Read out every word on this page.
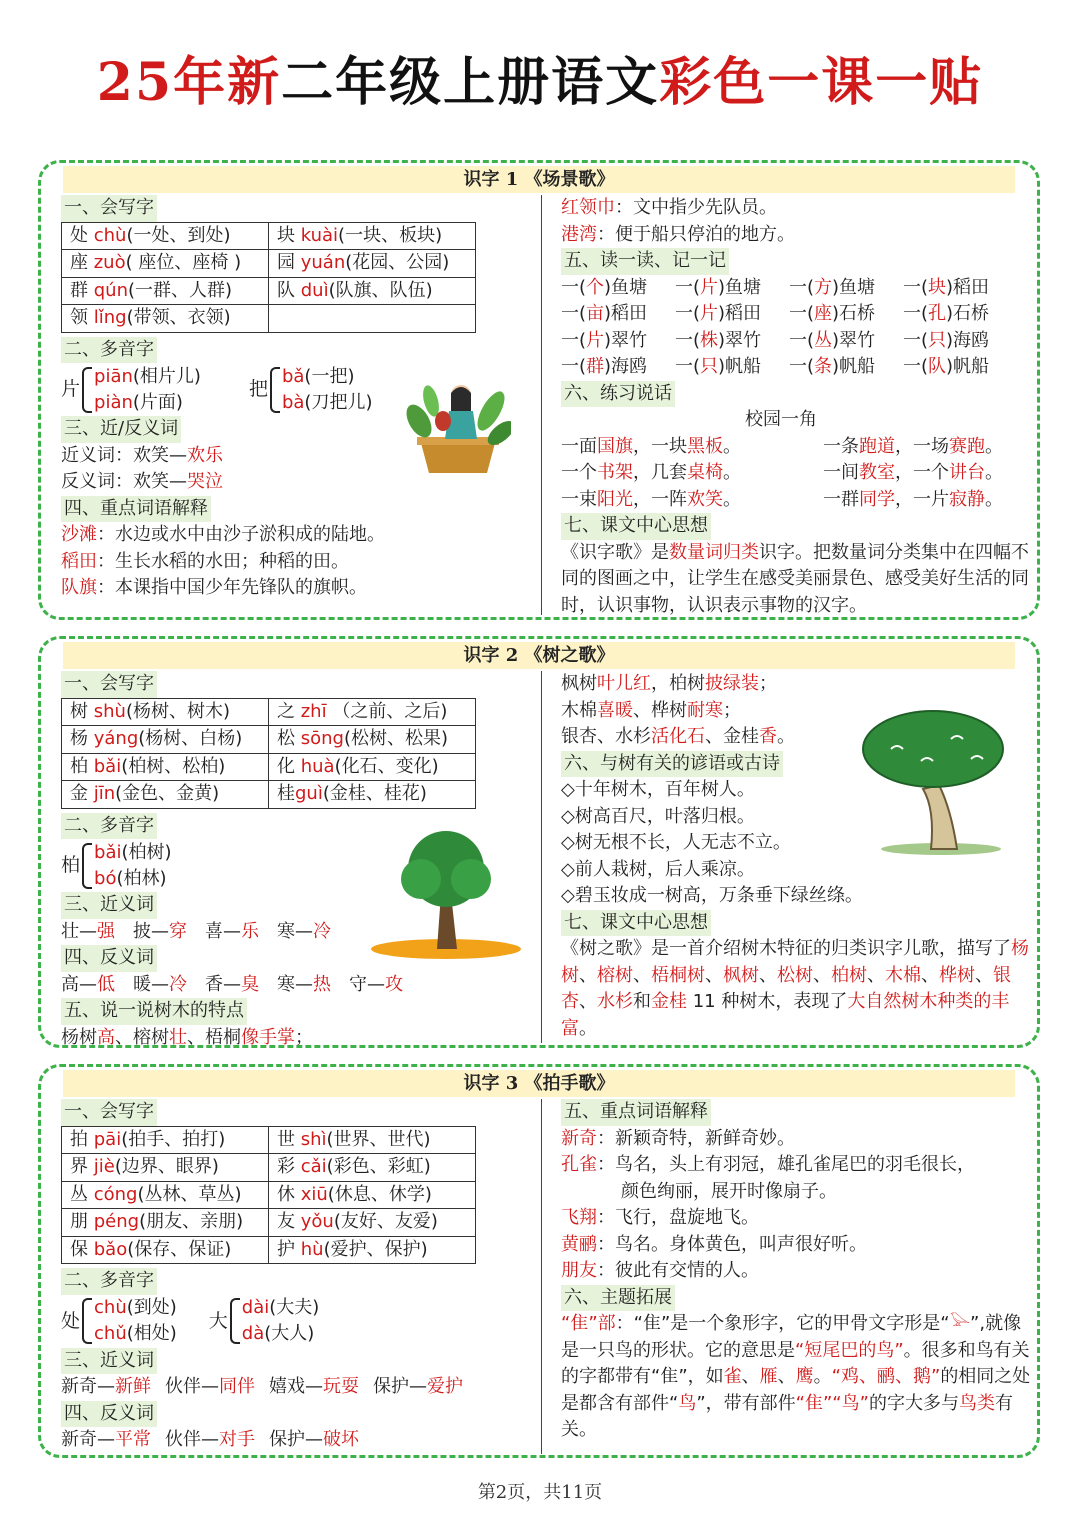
25年新二年级上册语文彩色一课一贴
识字 1 《场景歌》
一、会写字
处 chù(一处、到处)	块 kuài(一块、板块)
座 zuò( 座位、座椅 )	园 yuán(花园、公园)
群 qún(一群、人群)	队 duì(队旗、队伍)
领 lǐng(带领、衣领)	
二、多音字
片
piān(相片儿)
piàn(片面)
把
bǎ(一把)
bà(刀把儿)
三、近/反义词
近义词：欢笑—欢乐
反义词：欢笑—哭泣
四、重点词语解释
沙滩：水边或水中由沙子淤积成的陆地。
稻田：生长水稻的水田；种稻的田。
队旗：本课指中国少年先锋队的旗帜。
红领巾：文中指少先队员。
港湾：便于船只停泊的地方。
五、读一读、记一记
一(个)鱼塘	一(片)鱼塘	一(方)鱼塘	一(块)稻田
一(亩)稻田	一(片)稻田	一(座)石桥	一(孔)石桥
一(片)翠竹	一(株)翠竹	一(丛)翠竹	一(只)海鸥
一(群)海鸥	一(只)帆船	一(条)帆船	一(队)帆船
六、练习说话
校园一角
一面国旗，一块黑板。	一条跑道，一场赛跑。
一个书架，几套桌椅。	一间教室，一个讲台。
一束阳光，一阵欢笑。	一群同学，一片寂静。
七、课文中心思想
《识字歌》是数量词归类识字。把数量词分类集中在四幅不同的图画之中，让学生在感受美丽景色、感受美好生活的同时，认识事物，认识表示事物的汉字。
识字 2 《树之歌》
一、会写字
树 shù(杨树、树木)	之 zhī （之前、之后)
杨 yáng(杨树、白杨)	松 sōng(松树、松果)
柏 bǎi(柏树、松柏)	化 huà(化石、变化)
金 jīn(金色、金黄)	桂guì(金桂、桂花)
二、多音字
柏
bǎi(柏树)
bó(柏林)
三、近义词
壮—强 披—穿 喜—乐 寒—冷
四、反义词
高—低 暖—冷 香—臭 寒—热 守—攻
五、说一说树木的特点
杨树高、榕树壮、梧桐像手掌；
枫树叶儿红，柏树披绿装；
木棉喜暖、桦树耐寒；
银杏、水杉活化石、金桂香。
六、与树有关的谚语或古诗
◇十年树木，百年树人。
◇树高百尺，叶落归根。
◇树无根不长，人无志不立。
◇前人栽树，后人乘凉。
◇碧玉妆成一树高，万条垂下绿丝绦。
七、课文中心思想
《树之歌》是一首介绍树木特征的归类识字儿歌，描写了杨树、榕树、梧桐树、枫树、松树、柏树、木棉、桦树、银杏、水杉和金桂 11 种树木，表现了大自然树木种类的丰富。
识字 3 《拍手歌》
一、会写字
拍 pāi(拍手、拍打)	世 shì(世界、世代)
界 jiè(边界、眼界)	彩 cǎi(彩色、彩虹)
丛 cóng(丛林、草丛)	休 xiū(休息、休学)
朋 péng(朋友、亲朋)	友 yǒu(友好、友爱)
保 bǎo(保存、保证)	护 hù(爱护、保护)
二、多音字
处
chù(到处)
chǔ(相处)
大
dài(大夫)
dà(大人)
三、近义词
新奇—新鲜 伙伴—同伴 嬉戏—玩耍 保护—爱护
四、反义词
新奇—平常 伙伴—对手 保护—破坏
五、重点词语解释
新奇：新颖奇特，新鲜奇妙。
孔雀：鸟名，头上有羽冠，雄孔雀尾巴的羽毛很长，
颜色绚丽，展开时像扇子。
飞翔：飞行，盘旋地飞。
黄鹂：鸟名。身体黄色，叫声很好听。
朋友：彼此有交情的人。
六、主题拓展
“隹”部：“隹”是一个象形字，它的甲骨文字形是“𓅪”,就像是一只鸟的形状。它的意思是“短尾巴的鸟”。很多和鸟有关的字都带有“隹”，如雀、雁、鹰。“鸡、鹂、鹅”的相同之处是都含有部件“鸟”，带有部件“隹”“鸟”的字大多与鸟类有关。
第2页，共11页
